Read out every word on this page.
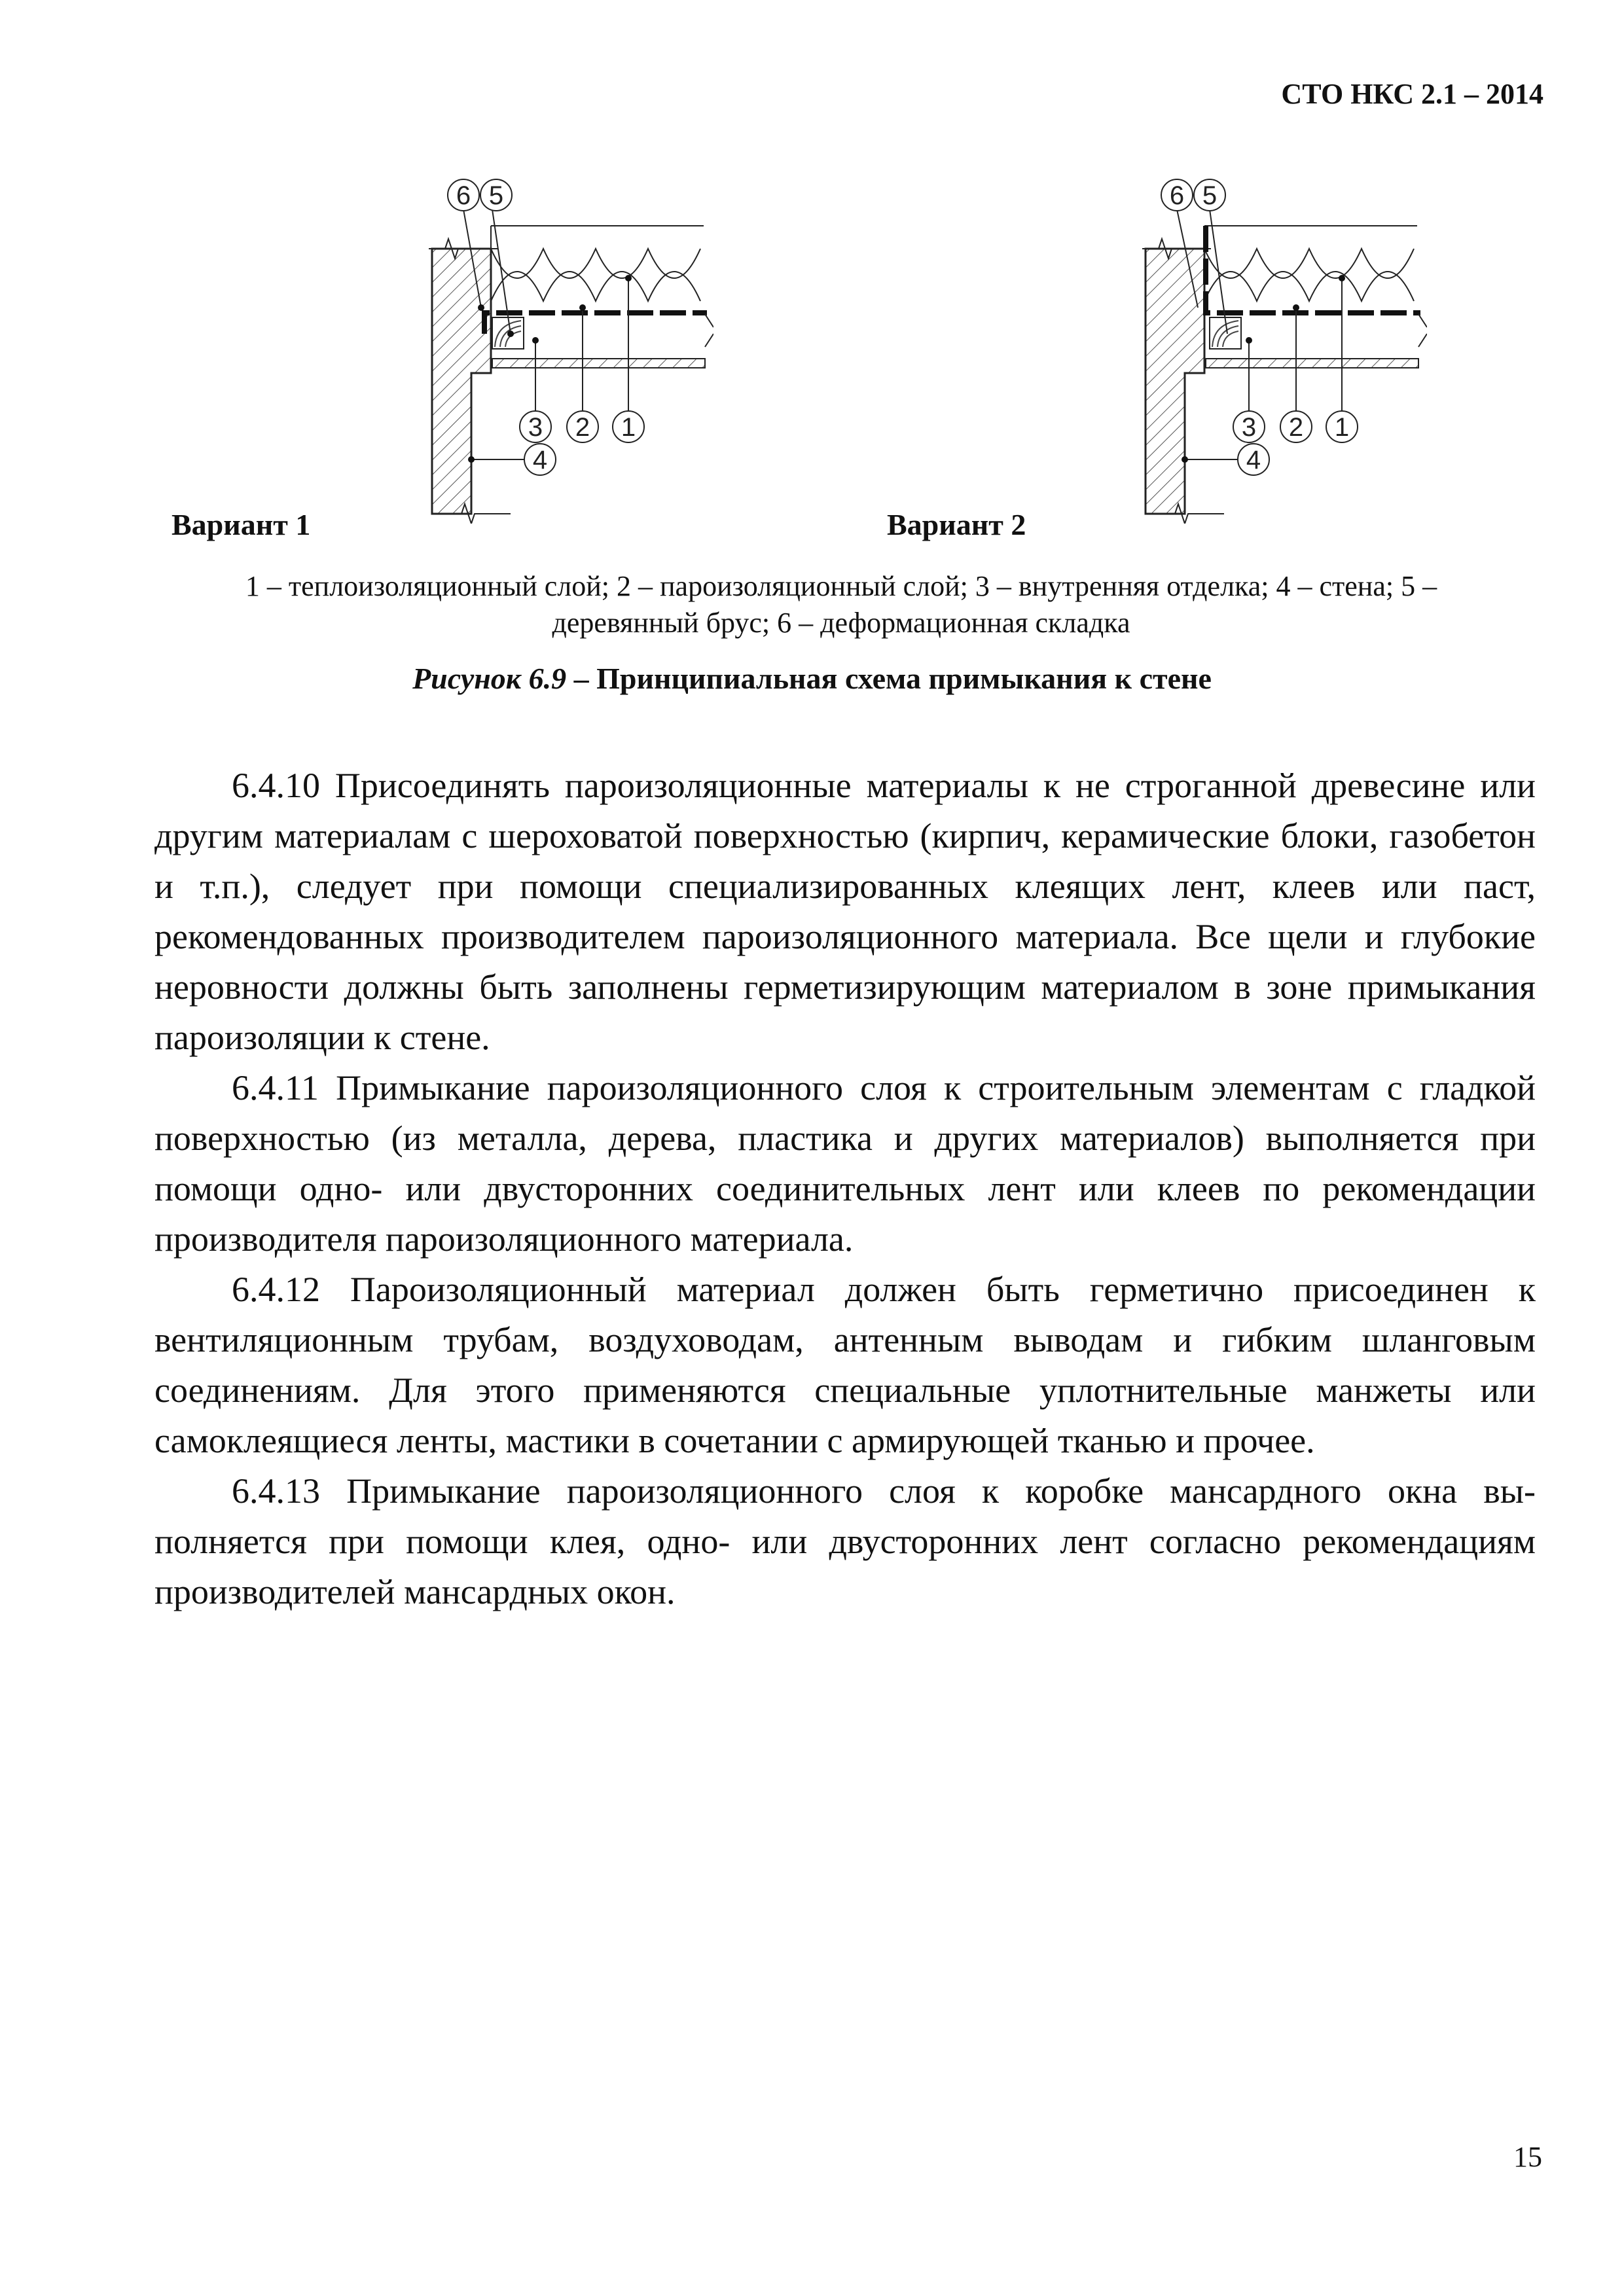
СТО НКС 2.1 – 2014
6 5
3 2 1
4
6 5
3 2 1
4
Вариант 1	Вариант 2
1 – теплоизоляционный слой; 2 – пароизоляционный слой; 3 – внутренняя отделка; 4 – стена; 5 –
деревянный брус; 6 – деформационная складка
Рисунок 6.9 – Принципиальная схема примыкания к стене

6.4.10 Присоединять пароизоляционные материалы к не строганной древесине или другим материалам с шероховатой поверхностью (кирпич, керамические блоки, газобетон и т.п.), следует при помощи специализированных клеящих лент, клеев или паст, рекомендованных производителем пароизоляционного материала. Все щели и глубокие неровности должны быть заполнены герметизирующим материалом в зоне примыкания пароизоляции к стене.

6.4.11 Примыкание пароизоляционного слоя к строительным элементам с гладкой поверхностью (из металла, дерева, пластика и других материалов) выполняется при помощи одно- или двусторонних соединительных лент или клеев по рекомендации производителя пароизоляционного материала.

6.4.12 Пароизоляционный материал должен быть герметично присоединен к вентиляционным трубам, воздуховодам, антенным выводам и гибким шланговым соединениям. Для этого применяются специальные уплотнительные манжеты или самоклеящиеся ленты, мастики в сочетании с армирующей тканью и прочее.

6.4.13 Примыкание пароизоляционного слоя к коробке мансардного окна выполняется при помощи клея, одно- или двусторонних лент согласно рекомендациям производителей мансардных окон.

15
